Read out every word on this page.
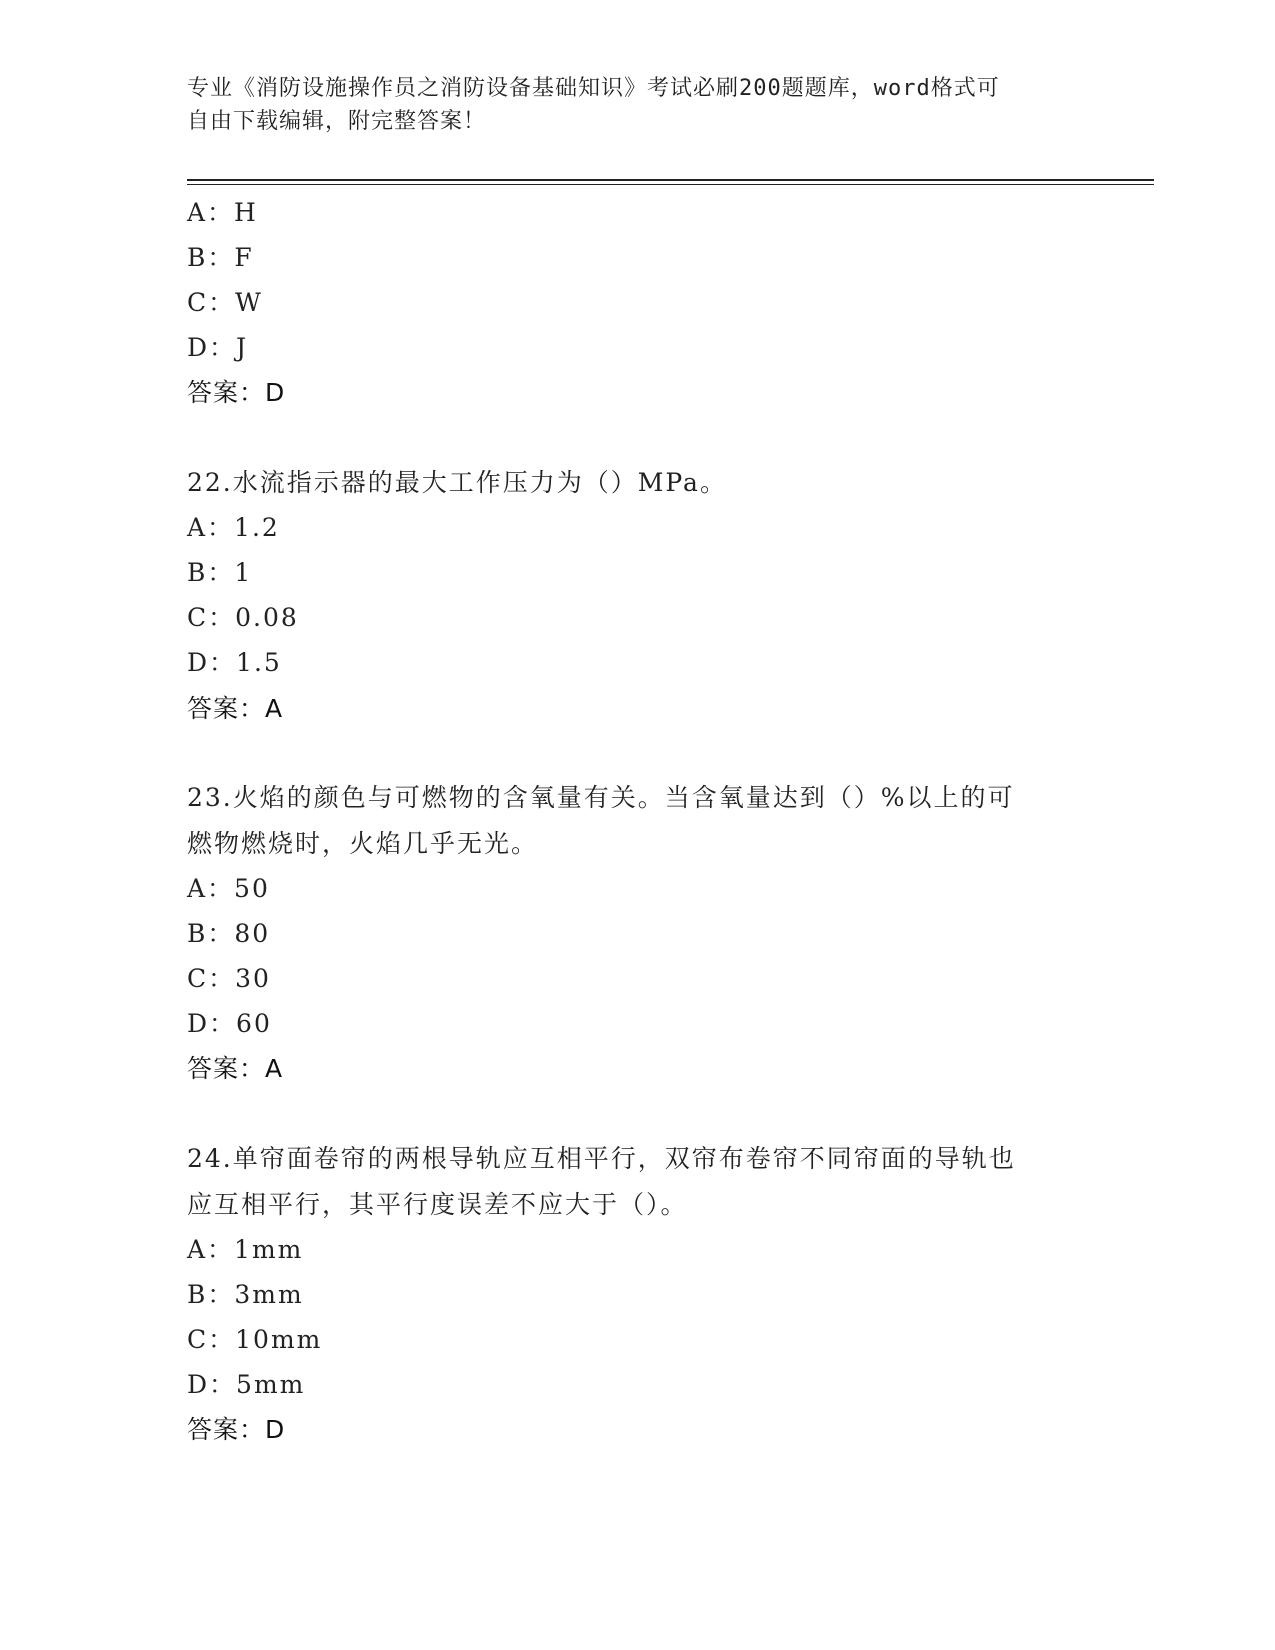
专业《消防设施操作员之消防设备基础知识》考试必刷200题题库，word格式可
自由下载编辑，附完整答案！
A：H
B：F
C：W
D：J
答案：D
22.水流指示器的最大工作压力为（）MPa。
A：1.2
B：1
C：0.08
D：1.5
答案：A
23.火焰的颜色与可燃物的含氧量有关。当含氧量达到（）%以上的可
燃物燃烧时，火焰几乎无光。
A：50
B：80
C：30
D：60
答案：A
24.单帘面卷帘的两根导轨应互相平行，双帘布卷帘不同帘面的导轨也
应互相平行，其平行度误差不应大于（）。
A：1mm
B：3mm
C：10mm
D：5mm
答案：D
